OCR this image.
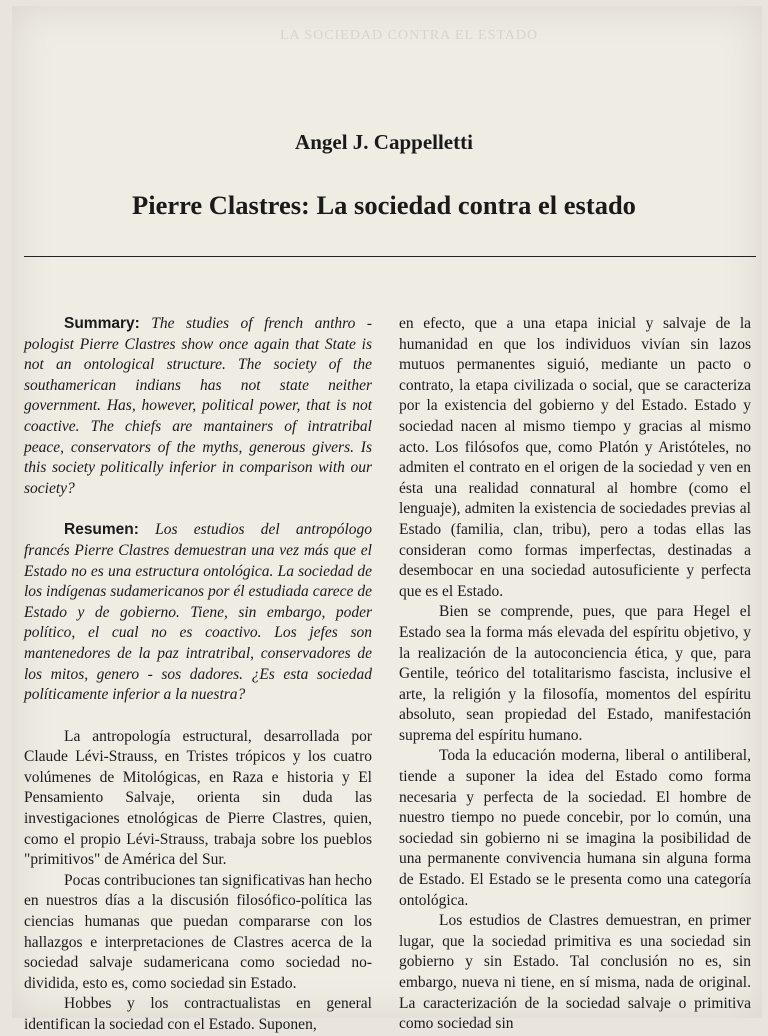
LA SOCIEDAD CONTRA EL ESTADO
Angel J. Cappelletti
Pierre Clastres: La sociedad contra el estado

Summary: The studies of french anthro - pologist Pierre Clastres show once again that State is not an ontological structure. The society of the southamerican indians has not state neither government. Has, however, political power, that is not coactive. The chiefs are mantainers of intratribal peace, conservators of the myths, generous givers. Is this society politically inferior in comparison with our society?

Resumen: Los estudios del antropólogo francés Pierre Clastres demuestran una vez más que el Estado no es una estructura ontológica. La sociedad de los indígenas sudamericanos por él estudiada carece de Estado y de gobierno. Tiene, sin embargo, poder político, el cual no es coactivo. Los jefes son mantenedores de la paz intratribal, conservadores de los mitos, genero - sos dadores. ¿Es esta sociedad políticamente inferior a la nuestra?

La antropología estructural, desarrollada por Claude Lévi-Strauss, en Tristes trópicos y los cuatro volúmenes de Mitológicas, en Raza e historia y El Pensamiento Salvaje, orienta sin duda las investigaciones etnológicas de Pierre Clastres, quien, como el propio Lévi-Strauss, trabaja sobre los pueblos "primitivos" de América del Sur.

Pocas contribuciones tan significativas han hecho en nuestros días a la discusión filosófico-política las ciencias humanas que puedan compararse con los hallazgos e interpretaciones de Clastres acerca de la sociedad salvaje sudamericana como sociedad no-dividida, esto es, como sociedad sin Estado.

Hobbes y los contractualistas en general identifican la sociedad con el Estado. Suponen,

en efecto, que a una etapa inicial y salvaje de la humanidad en que los individuos vivían sin lazos mutuos permanentes siguió, mediante un pacto o contrato, la etapa civilizada o social, que se caracteriza por la existencia del gobierno y del Estado. Estado y sociedad nacen al mismo tiempo y gracias al mismo acto. Los filósofos que, como Platón y Aristóteles, no admiten el contrato en el origen de la sociedad y ven en ésta una realidad connatural al hombre (como el lenguaje), admiten la existencia de sociedades previas al Estado (familia, clan, tribu), pero a todas ellas las consideran como formas imperfectas, destinadas a desembocar en una sociedad autosuficiente y perfecta que es el Estado.

Bien se comprende, pues, que para Hegel el Estado sea la forma más elevada del espíritu objetivo, y la realización de la autoconciencia ética, y que, para Gentile, teórico del totalitarismo fascista, inclusive el arte, la religión y la filosofía, momentos del espíritu absoluto, sean propiedad del Estado, manifestación suprema del espíritu humano.

Toda la educación moderna, liberal o antiliberal, tiende a suponer la idea del Estado como forma necesaria y perfecta de la sociedad. El hombre de nuestro tiempo no puede concebir, por lo común, una sociedad sin gobierno ni se imagina la posibilidad de una permanente convivencia humana sin alguna forma de Estado. El Estado se le presenta como una categoría ontológica.

Los estudios de Clastres demuestran, en primer lugar, que la sociedad primitiva es una sociedad sin gobierno y sin Estado. Tal conclusión no es, sin embargo, nueva ni tiene, en sí misma, nada de original. La caracterización de la sociedad salvaje o primitiva como sociedad sin
